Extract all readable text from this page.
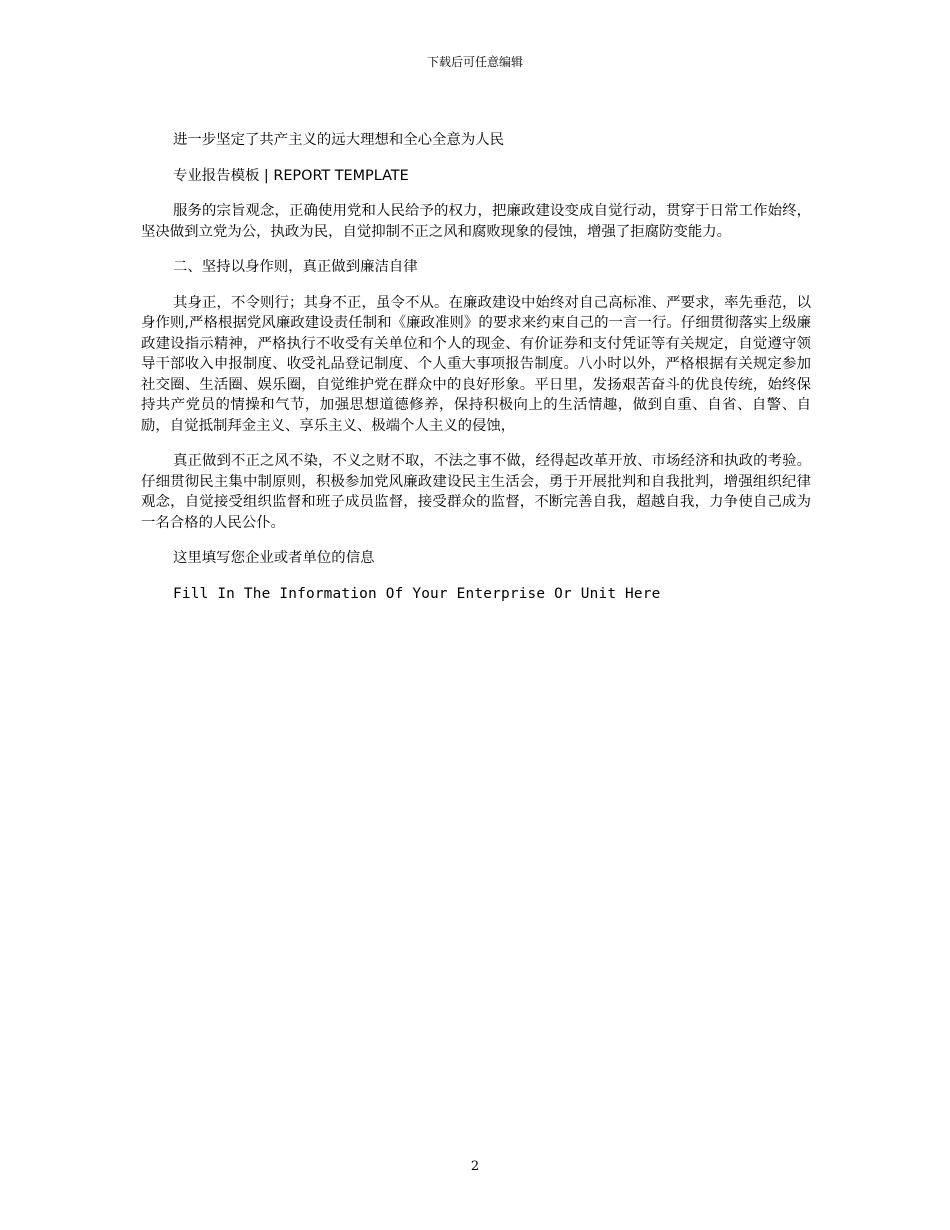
下载后可任意编辑

进一步坚定了共产主义的远大理想和全心全意为人民

专业报告模板 | REPORT TEMPLATE

服务的宗旨观念，正确使用党和人民给予的权力，把廉政建设变成自觉行动，贯穿于日常工作始终，坚决做到立党为公，执政为民，自觉抑制不正之风和腐败现象的侵蚀，增强了拒腐防变能力。

二、坚持以身作则，真正做到廉洁自律

其身正，不令则行；其身不正，虽令不从。在廉政建设中始终对自己高标准、严要求，率先垂范，以身作则,严格根据党风廉政建设责任制和《廉政准则》的要求来约束自己的一言一行。仔细贯彻落实上级廉政建设指示精神，严格执行不收受有关单位和个人的现金、有价证券和支付凭证等有关规定，自觉遵守领导干部收入申报制度、收受礼品登记制度、个人重大事项报告制度。八小时以外，严格根据有关规定参加社交圈、生活圈、娱乐圈，自觉维护党在群众中的良好形象。平日里，发扬艰苦奋斗的优良传统，始终保持共产党员的情操和气节，加强思想道德修养，保持积极向上的生活情趣，做到自重、自省、自警、自励，自觉抵制拜金主义、享乐主义、极端个人主义的侵蚀，

真正做到不正之风不染，不义之财不取，不法之事不做，经得起改革开放、市场经济和执政的考验。仔细贯彻民主集中制原则，积极参加党风廉政建设民主生活会，勇于开展批判和自我批判，增强组织纪律观念，自觉接受组织监督和班子成员监督，接受群众的监督，不断完善自我，超越自我，力争使自己成为一名合格的人民公仆。

这里填写您企业或者单位的信息

Fill In The Information Of Your Enterprise Or Unit Here

2
